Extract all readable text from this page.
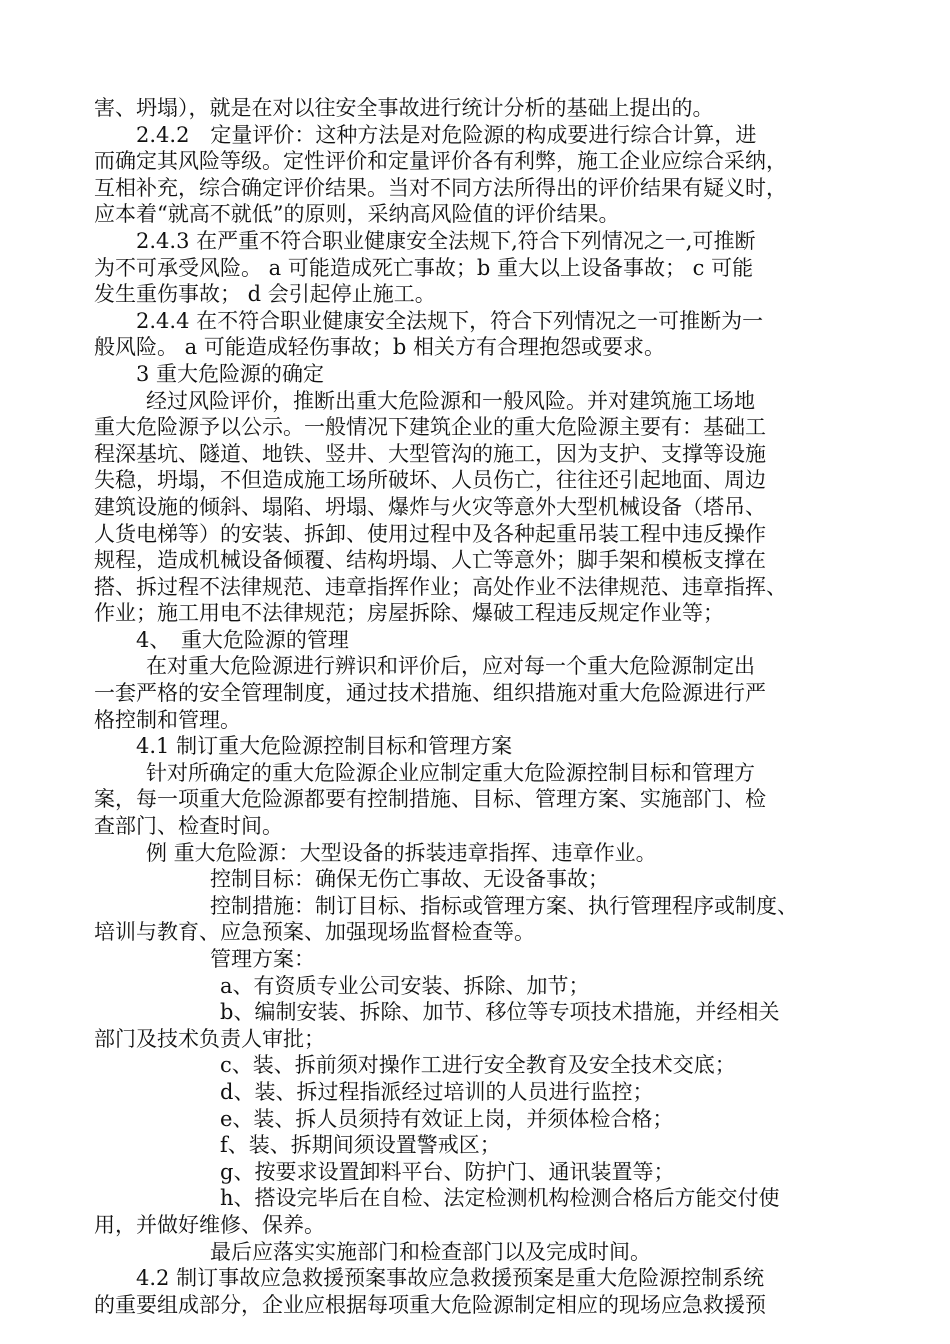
害、坍塌），就是在对以往安全事故进行统计分析的基础上提出的。
2.4.2　定量评价：这种方法是对危险源的构成要进行综合计算，进
而确定其风险等级。定性评价和定量评价各有利弊，施工企业应综合采纳，
互相补充，综合确定评价结果。当对不同方法所得出的评价结果有疑义时，
应本着“就高不就低”的原则，采纳高风险值的评价结果。
2.4.3 在严重不符合职业健康安全法规下,符合下列情况之一,可推断
为不可承受风险。 a 可能造成死亡事故；b 重大以上设备事故； c 可能
发生重伤事故； d 会引起停止施工。
2.4.4 在不符合职业健康安全法规下，符合下列情况之一可推断为一
般风险。 a 可能造成轻伤事故；b 相关方有合理抱怨或要求。
3 重大危险源的确定
经过风险评价，推断出重大危险源和一般风险。并对建筑施工场地
重大危险源予以公示。一般情况下建筑企业的重大危险源主要有：基础工
程深基坑、隧道、地铁、竖井、大型管沟的施工，因为支护、支撑等设施
失稳，坍塌，不但造成施工场所破坏、人员伤亡，往往还引起地面、周边
建筑设施的倾斜、塌陷、坍塌、爆炸与火灾等意外大型机械设备（塔吊、
人货电梯等）的安装、拆卸、使用过程中及各种起重吊装工程中违反操作
规程，造成机械设备倾覆、结构坍塌、人亡等意外；脚手架和模板支撑在
搭、拆过程不法律规范、违章指挥作业；高处作业不法律规范、违章指挥、
作业；施工用电不法律规范；房屋拆除、爆破工程违反规定作业等；
4、　重大危险源的管理
在对重大危险源进行辨识和评价后，应对每一个重大危险源制定出
一套严格的安全管理制度，通过技术措施、组织措施对重大危险源进行严
格控制和管理。
4.1 制订重大危险源控制目标和管理方案
针对所确定的重大危险源企业应制定重大危险源控制目标和管理方
案，每一项重大危险源都要有控制措施、目标、管理方案、实施部门、检
查部门、检查时间。
例 重大危险源：大型设备的拆装违章指挥、违章作业。
控制目标：确保无伤亡事故、无设备事故；
控制措施：制订目标、指标或管理方案、执行管理程序或制度、
培训与教育、应急预案、加强现场监督检查等。
管理方案：
a、有资质专业公司安装、拆除、加节；
b、编制安装、拆除、加节、移位等专项技术措施，并经相关
部门及技术负责人审批；
c、装、拆前须对操作工进行安全教育及安全技术交底；
d、装、拆过程指派经过培训的人员进行监控；
e、装、拆人员须持有效证上岗，并须体检合格；
f、装、拆期间须设置警戒区；
g、按要求设置卸料平台、防护门、通讯装置等；
h、搭设完毕后在自检、法定检测机构检测合格后方能交付使
用，并做好维修、保养。
最后应落实实施部门和检查部门以及完成时间。
4.2 制订事故应急救援预案事故应急救援预案是重大危险源控制系统
的重要组成部分，企业应根据每项重大危险源制定相应的现场应急救援预
